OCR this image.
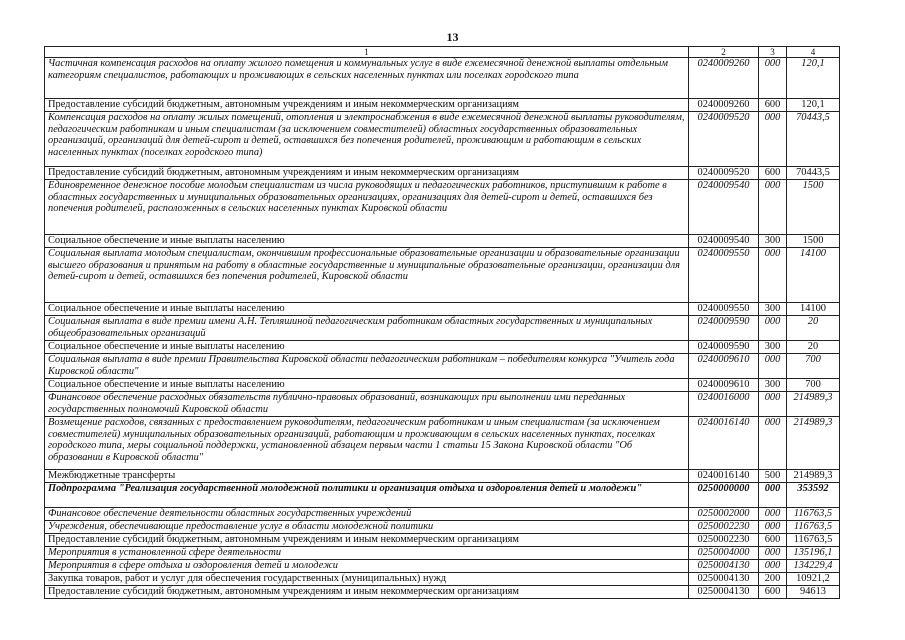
13
1	2	3	4
Частичная компенсация расходов на оплату жилого помещения и коммунальных услуг в виде ежемесячной денежной выплаты отдельным категориям специалистов, работающих и проживающих в сельских населенных пунктах или поселках городского типа	0240009260	000	120,1
Предоставление субсидий бюджетным, автономным учреждениям и иным некоммерческим организациям	0240009260	600	120,1
Компенсация расходов на оплату жилых помещений, отопления и электроснабжения в виде ежемесячной денежной выплаты руководителям, педагогическим работникам и иным специалистам (за исключением совместителей) областных государственных образовательных организаций, организаций для детей-сирот и детей, оставшихся без попечения родителей, проживающим и работающим в сельских населенных пунктах (поселках городского типа)	0240009520	000	70443,5
Предоставление субсидий бюджетным, автономным учреждениям и иным некоммерческим организациям	0240009520	600	70443,5
Единовременное денежное пособие молодым специалистам из числа руководящих и педагогических работников, приступившим к работе в областных государственных и муниципальных образовательных организациях, организациях для детей-сирот и детей, оставшихся без попечения родителей, расположенных в сельских населенных пунктах Кировской области	0240009540	000	1500
Социальное обеспечение и иные выплаты населению	0240009540	300	1500
Социальная выплата молодым специалистам, окончившим профессиональные образовательные организации и образовательные организации высшего образования и принятым на работу в областные государственные и муниципальные образовательные организации, организации для детей-сирот и детей, оставшихся без попечения родителей, Кировской области	0240009550	000	14100
Социальное обеспечение и иные выплаты населению	0240009550	300	14100
Социальная выплата в виде премии имени А.Н. Тепляшиной педагогическим работникам областных государственных и муниципальных общеобразовательных организаций	0240009590	000	20
Социальное обеспечение и иные выплаты населению	0240009590	300	20
Социальная выплата в виде премии Правительства Кировской области педагогическим работникам – победителям конкурса "Учитель года Кировской области"	0240009610	000	700
Социальное обеспечение и иные выплаты населению	0240009610	300	700
Финансовое обеспечение расходных обязательств публично-правовых образований, возникающих при выполнении ими переданных государственных полномочий Кировской области	0240016000	000	214989,3
Возмещение расходов, связанных с предоставлением руководителям, педагогическим работникам и иным специалистам (за исключением совместителей) муниципальных образовательных организаций, работающим и проживающим в сельских населенных пунктах, поселках городского типа, меры социальной поддержки, установленной абзацем первым части 1 статьи 15 Закона Кировской области "Об образовании в Кировской области"	0240016140	000	214989,3
Межбюджетные трансферты	0240016140	500	214989,3
Подпрограмма "Реализация государственной молодежной политики и организация отдыха и оздоровления детей и молодежи"	0250000000	000	353592
Финансовое обеспечение деятельности областных государственных учреждений	0250002000	000	116763,5
Учреждения, обеспечивающие предоставление услуг в области молодежной политики	0250002230	000	116763,5
Предоставление субсидий бюджетным, автономным учреждениям и иным некоммерческим организациям	0250002230	600	116763,5
Мероприятия в установленной сфере деятельности	0250004000	000	135196,1
Мероприятия в сфере отдыха и оздоровления детей и молодежи	0250004130	000	134229,4
Закупка товаров, работ и услуг для обеспечения государственных (муниципальных) нужд	0250004130	200	10921,2
Предоставление субсидий бюджетным, автономным учреждениям и иным некоммерческим организациям	0250004130	600	94613
